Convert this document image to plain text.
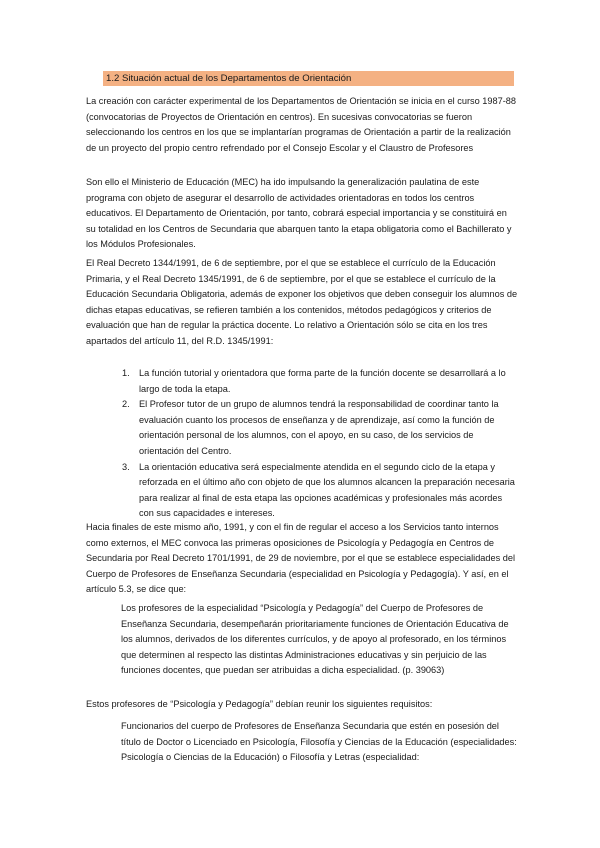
1.2 Situación actual de los Departamentos de Orientación

La creación con carácter experimental de los Departamentos de Orientación se inicia en el curso 1987-88 (convocatorias de Proyectos de Orientación en centros). En sucesivas convocatorias se fueron seleccionando los centros en los que se implantarían programas de Orientación a partir de la realización de un proyecto del propio centro refrendado por el Consejo Escolar y el Claustro de Profesores

Son ello el Ministerio de Educación (MEC) ha ido impulsando la generalización paulatina de este programa con objeto de asegurar el desarrollo de actividades orientadoras en todos los centros educativos. El Departamento de Orientación, por tanto, cobrará especial importancia y se constituirá en su totalidad en los Centros de Secundaria que abarquen tanto la etapa obligatoria como el Bachillerato y los Módulos Profesionales.

El Real Decreto 1344/1991, de 6 de septiembre, por el que se establece el currículo de la Educación Primaria, y el Real Decreto 1345/1991, de 6 de septiembre, por el que se establece el currículo de la Educación Secundaria Obligatoria, además de exponer los objetivos que deben conseguir los alumnos de dichas etapas educativas, se refieren también a los contenidos, métodos pedagógicos y criterios de evaluación que han de regular la práctica docente. Lo relativo a Orientación sólo se cita en los tres apartados del artículo 11, del R.D. 1345/1991:

1. La función tutorial y orientadora que forma parte de la función docente se desarrollará a lo largo de toda la etapa.
2. El Profesor tutor de un grupo de alumnos tendrá la responsabilidad de coordinar tanto la evaluación cuanto los procesos de enseñanza y de aprendizaje, así como la función de orientación personal de los alumnos, con el apoyo, en su caso, de los servicios de orientación del Centro.
3. La orientación educativa será especialmente atendida en el segundo ciclo de la etapa y reforzada en el último año con objeto de que los alumnos alcancen la preparación necesaria para realizar al final de esta etapa las opciones académicas y profesionales más acordes con sus capacidades e intereses.

Hacia finales de este mismo año, 1991, y con el fin de regular el acceso a los Servicios tanto internos como externos, el MEC convoca las primeras oposiciones de Psicología y Pedagogía en Centros de Secundaria por Real Decreto 1701/1991, de 29 de noviembre, por el que se establece especialidades del Cuerpo de Profesores de Enseñanza Secundaria (especialidad en Psicología y Pedagogía). Y así, en el artículo 5.3, se dice que:

Los profesores de la especialidad “Psicología y Pedagogía” del Cuerpo de Profesores de Enseñanza Secundaria, desempeñarán prioritariamente funciones de Orientación Educativa de los alumnos, derivados de los diferentes currículos, y de apoyo al profesorado, en los términos que determinen al respecto las distintas Administraciones educativas y sin perjuicio de las funciones docentes, que puedan ser atribuidas a dicha especialidad. (p. 39063)

Estos profesores de “Psicología y Pedagogía” debían reunir los siguientes requisitos:

Funcionarios del cuerpo de Profesores de Enseñanza Secundaria que estén en posesión del título de Doctor o Licenciado en Psicología, Filosofía y Ciencias de la Educación (especialidades: Psicología o Ciencias de la Educación) o Filosofía y Letras (especialidad:
